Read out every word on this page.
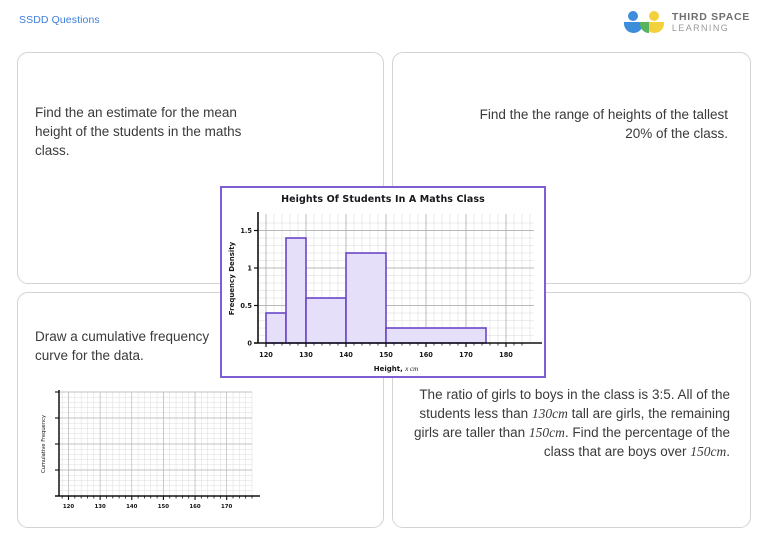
SSDD Questions	THIRD SPACE
LEARNING
Find the an estimate for the mean height of the students in the maths class.
Find the the range of heights of the tallest 20% of the class.
Draw a cumulative frequency curve for the data.
The ratio of girls to boys in the class is 3:5. All of the students less than 130cm tall are girls, the remaining girls are taller than 150cm. Find the percentage of the class that are boys over 150cm.
Heights Of Students In A Maths Class
120	130	140	150	160	170	180
0
0.5
1
1.5
Frequency Density
Height, x cm
120	130	140	150	160	170
Cumulative Frequency
